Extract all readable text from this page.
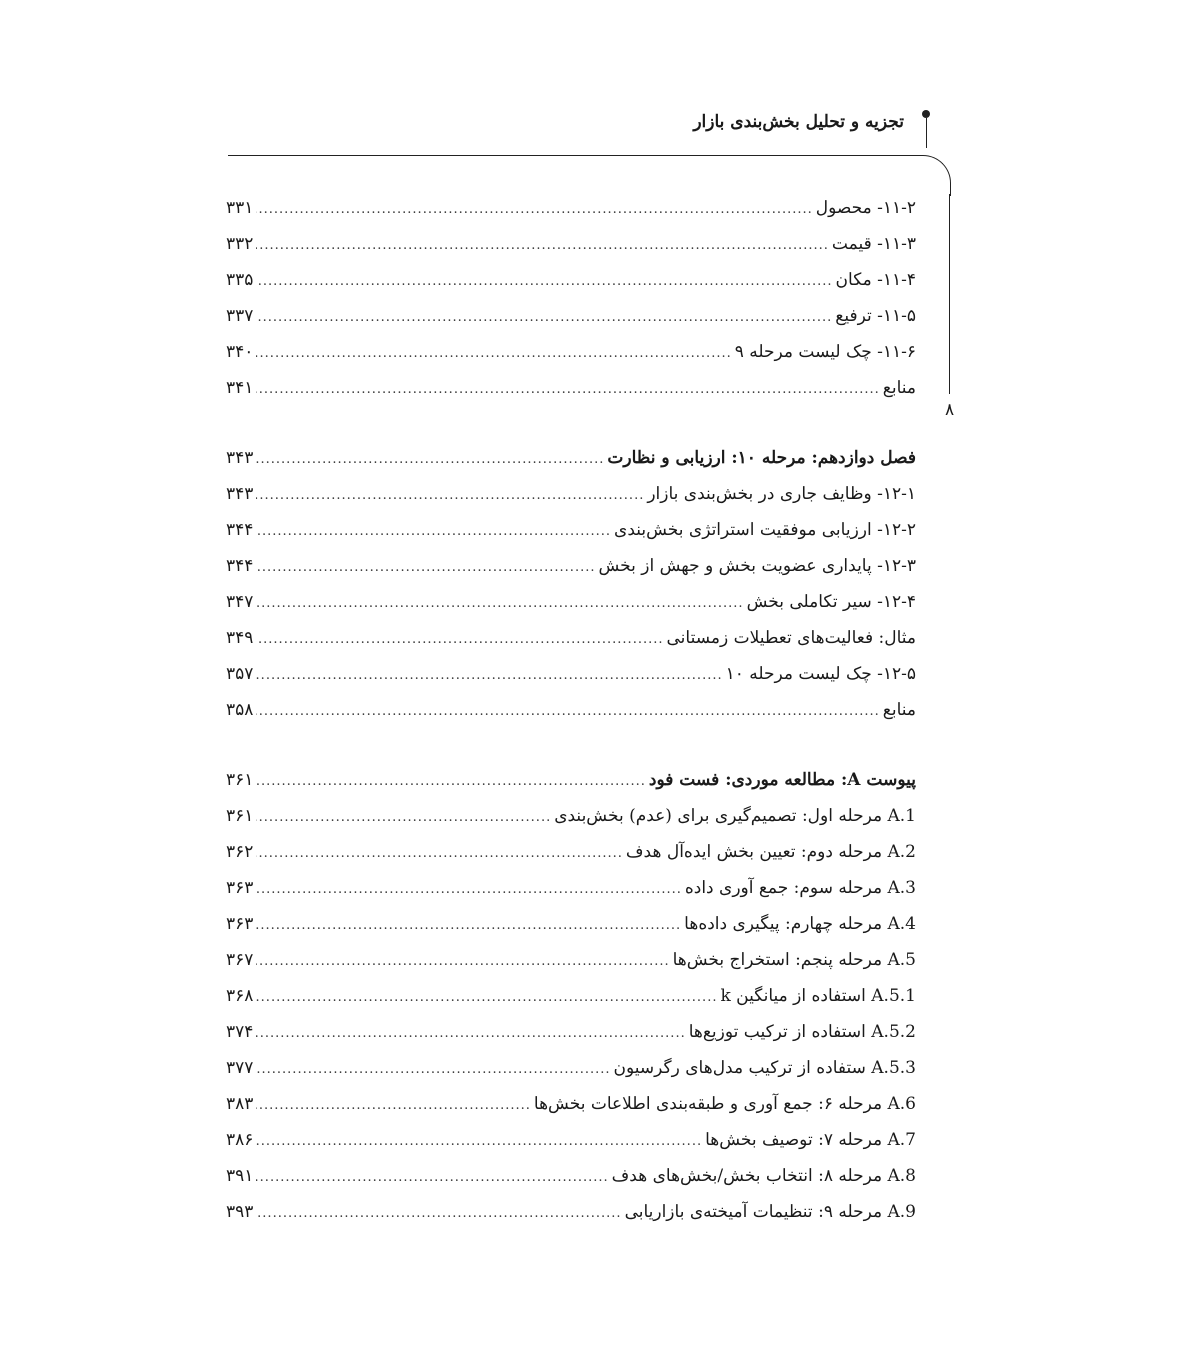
تجزیه و تحلیل بخش‌بندی بازار
۸
۱۱-۲- محصول
.....
۳۳۱
۱۱-۳- قیمت
.....
۳۳۲
۱۱-۴- مکان
.....
۳۳۵
۱۱-۵- ترفیع
.....
۳۳۷
۱۱-۶- چک لیست مرحله ۹
.....
۳۴۰
منابع
.....
۳۴۱
فصل دوازدهم: مرحله ۱۰: ارزیابی و نظارت
.....
۳۴۳
۱۲-۱- وظایف جاری در بخش‌بندی بازار
.....
۳۴۳
۱۲-۲- ارزیابی موفقیت استراتژی بخش‌بندی
.....
۳۴۴
۱۲-۳- پایداری عضویت بخش و جهش از بخش
.....
۳۴۴
۱۲-۴- سیر تکاملی بخش
.....
۳۴۷
مثال: فعالیت‌های تعطیلات زمستانی
.....
۳۴۹
۱۲-۵- چک لیست مرحله ۱۰
.....
۳۵۷
منابع
.....
۳۵۸
پیوست A: مطالعه موردی: فست فود
.....
۳۶۱
A.1 مرحله اول: تصمیم‌گیری برای (عدم) بخش‌بندی
.....
۳۶۱
A.2 مرحله دوم: تعیین بخش ایده‌آل هدف
.....
۳۶۲
A.3 مرحله سوم: جمع آوری داده
.....
۳۶۳
A.4 مرحله چهارم: پیگیری داده‌ها
.....
۳۶۳
A.5 مرحله پنجم: استخراج بخش‌ها
.....
۳۶۷
A.5.1 استفاده از میانگین k
.....
۳۶۸
A.5.2 استفاده از ترکیب توزیع‌ها
.....
۳۷۴
A.5.3 ستفاده از ترکیب مدل‌های رگرسیون
.....
۳۷۷
A.6 مرحله ۶: جمع آوری و طبقه‌بندی اطلاعات بخش‌ها
.....
۳۸۳
A.7 مرحله ۷: توصیف بخش‌ها
.....
۳۸۶
A.8 مرحله ۸: انتخاب بخش/بخش‌های هدف
.....
۳۹۱
A.9 مرحله ۹: تنظیمات آمیخته‌ی بازاریابی
.....
۳۹۳
